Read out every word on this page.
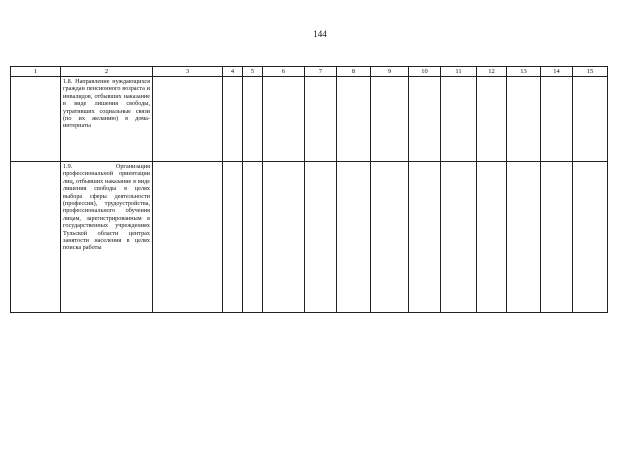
144
1	2	3	4	5	6	7	8	9	10	11	12	13	14	15

	1.8. Направление нуждающихся граждан пенсионного возраста и инвалидов, отбывших наказание в виде лишения свободы, утративших социальные связи (по их желанию) в дома-интернаты													

	1.9. Организация профессиональной ориентации лиц, отбывших наказание в виде лишения свободы в целях выбора сферы деятельности (профессии), трудоустройства, профессионального обучения лицам, зарегистрированным в государственных учреждениях Тульской области центрах занятости населения в целях поиска работы													
